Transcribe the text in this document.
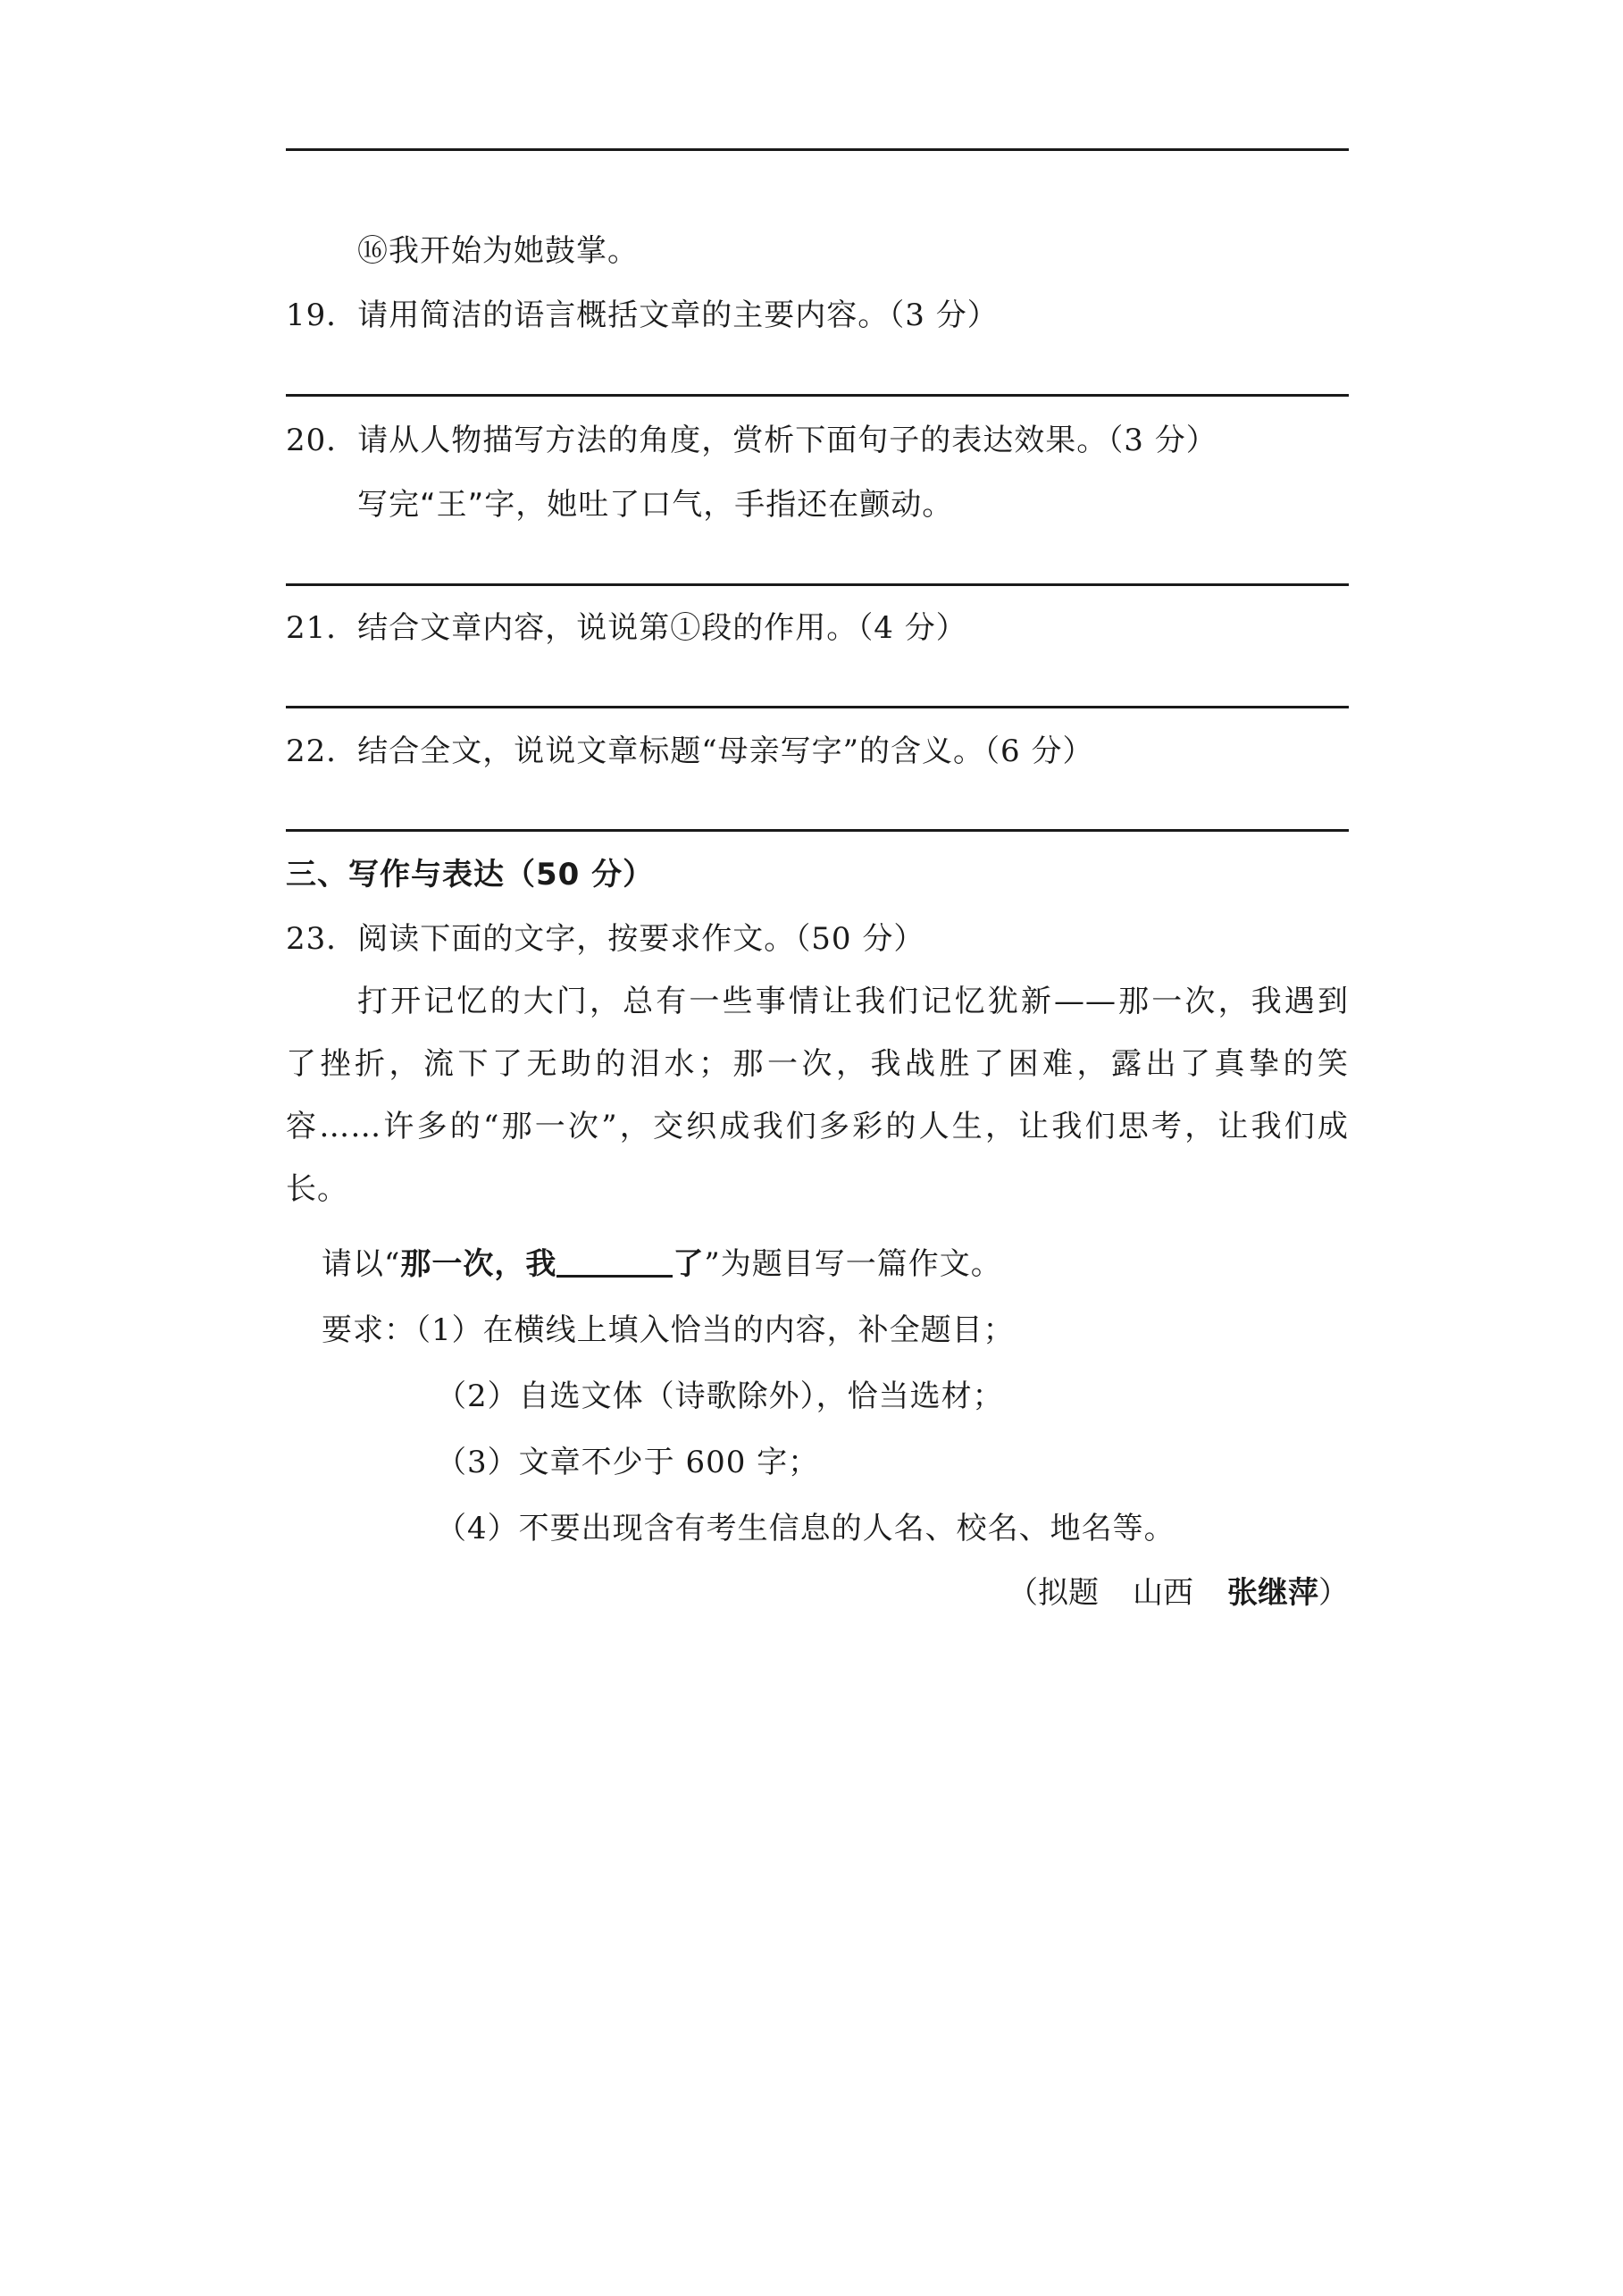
⑯我开始为她鼓掌。
19．请用简洁的语言概括文章的主要内容。（3 分）
20．请从人物描写方法的角度，赏析下面句子的表达效果。（3 分）
写完“王”字，她吐了口气，手指还在颤动。
21．结合文章内容，说说第①段的作用。（4 分）
22．结合全文，说说文章标题“母亲写字”的含义。（6 分）
三、写作与表达（50 分）
23．阅读下面的文字，按要求作文。（50 分）
打开记忆的大门，总有一些事情让我们记忆犹新——那一次，我遇到
了挫折，流下了无助的泪水；那一次，我战胜了困难，露出了真挚的笑
容……许多的“那一次”，交织成我们多彩的人生，让我们思考，让我们成
长。
请以“那一次，我	了”为题目写一篇作文。
要求：（1）在横线上填入恰当的内容，补全题目；
（2）自选文体（诗歌除外），恰当选材；
（3）文章不少于 600 字；
（4）不要出现含有考生信息的人名、校名、地名等。
（拟题 山西 张继萍）
